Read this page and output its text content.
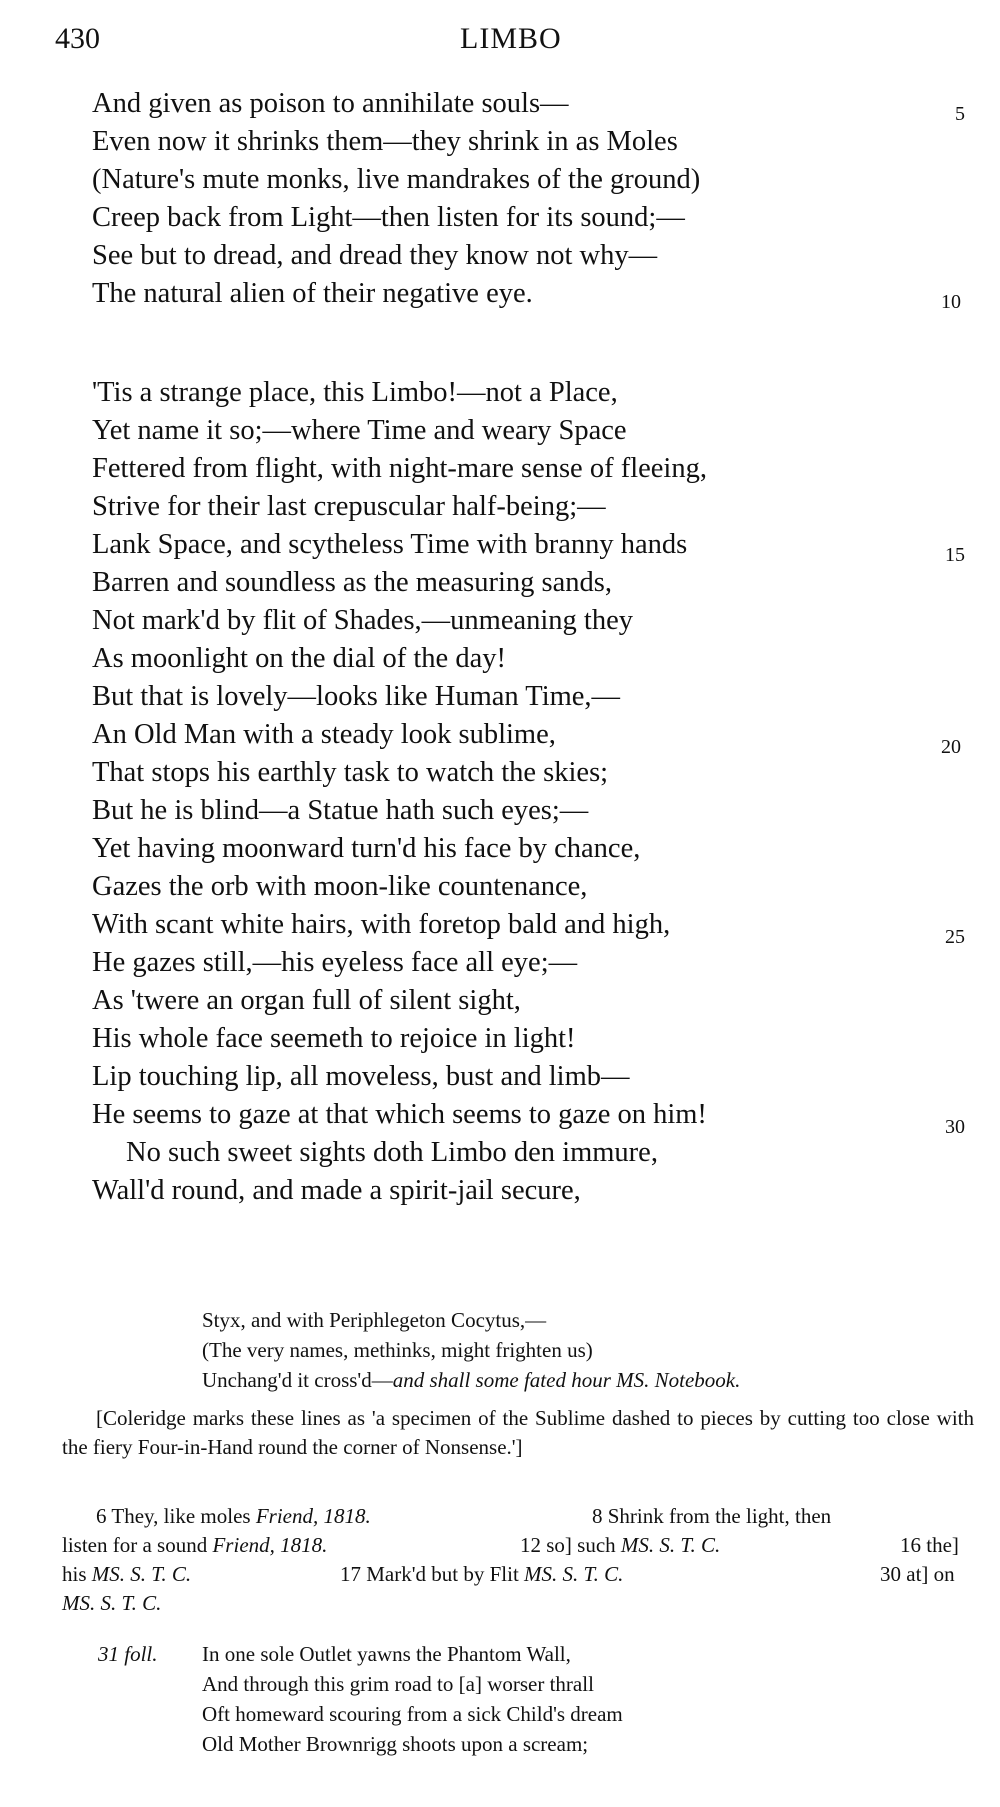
430	LIMBO
And given as poison to annihilate souls—
Even now it shrinks them—they shrink in as Moles
(Nature's mute monks, live mandrakes of the ground)
Creep back from Light—then listen for its sound;—
See but to dread, and dread they know not why—
The natural alien of their negative eye.
'Tis a strange place, this Limbo!—not a Place,
Yet name it so;—where Time and weary Space
Fettered from flight, with night-mare sense of fleeing,
Strive for their last crepuscular half-being;—
Lank Space, and scytheless Time with branny hands
Barren and soundless as the measuring sands,
Not mark'd by flit of Shades,—unmeaning they
As moonlight on the dial of the day!
But that is lovely—looks like Human Time,—
An Old Man with a steady look sublime,
That stops his earthly task to watch the skies;
But he is blind—a Statue hath such eyes;—
Yet having moonward turn'd his face by chance,
Gazes the orb with moon-like countenance,
With scant white hairs, with foretop bald and high,
He gazes still,—his eyeless face all eye;—
As 'twere an organ full of silent sight,
His whole face seemeth to rejoice in light!
Lip touching lip, all moveless, bust and limb—
He seems to gaze at that which seems to gaze on him!
No such sweet sights doth Limbo den immure,
Wall'd round, and made a spirit-jail secure,
5
10
15
20
25
30
Styx, and with Periphlegeton Cocytus,—
(The very names, methinks, might frighten us)
Unchang'd it cross'd—and shall some fated hour MS. Notebook.
[Coleridge marks these lines as 'a specimen of the Sublime dashed to pieces by cutting too close with the fiery Four-in-Hand round the corner of Nonsense.']
6 They, like moles Friend, 1818.	8 Shrink from the light, then
listen for a sound Friend, 1818.	12 so] such MS. S. T. C.	16 the]
his MS. S. T. C.	17 Mark'd but by Flit MS. S. T. C.	30 at] on
MS. S. T. C.
31 foll. In one sole Outlet yawns the Phantom Wall,
And through this grim road to [a] worser thrall
Oft homeward scouring from a sick Child's dream
Old Mother Brownrigg shoots upon a scream;
